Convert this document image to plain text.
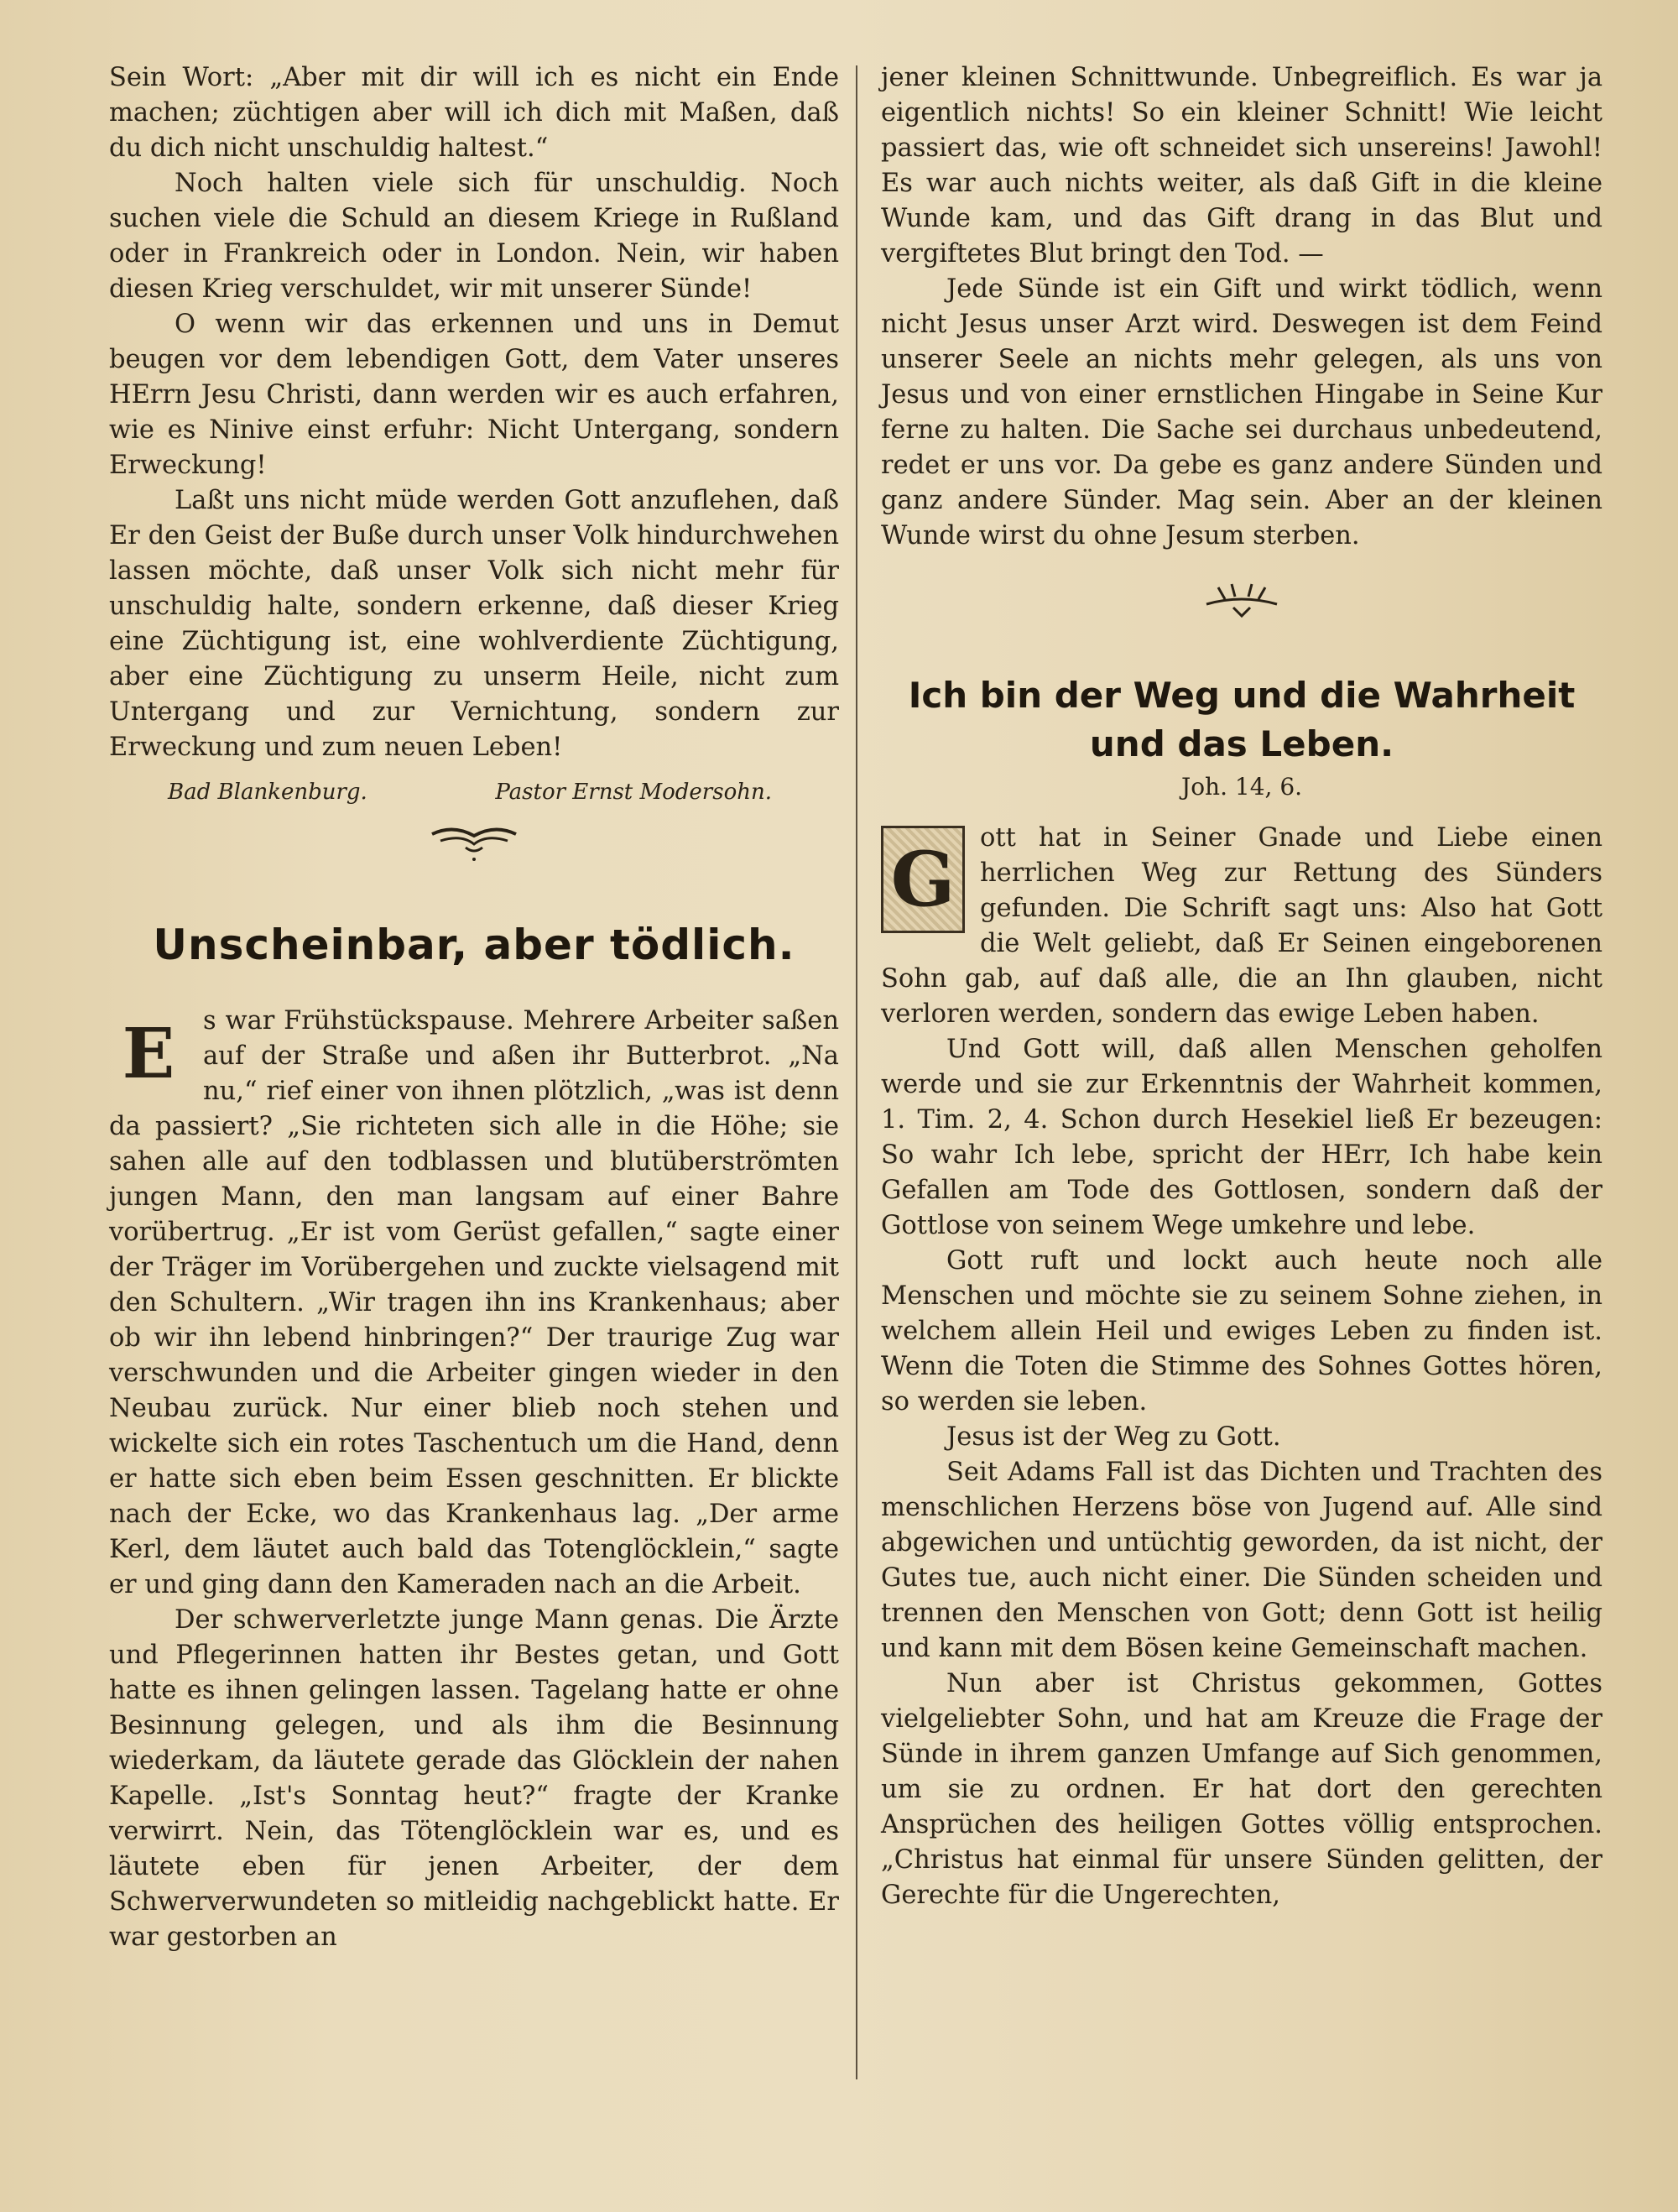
Sein Wort: „Aber mit dir will ich es nicht ein Ende machen; züchtigen aber will ich dich mit Maßen, daß du dich nicht unschuldig haltest.“

Noch halten viele sich für unschuldig. Noch suchen viele die Schuld an diesem Kriege in Rußland oder in Frankreich oder in London. Nein, wir haben diesen Krieg verschuldet, wir mit unserer Sünde!

O wenn wir das erkennen und uns in Demut beugen vor dem lebendigen Gott, dem Vater unseres HErrn Jesu Christi, dann werden wir es auch erfahren, wie es Ninive einst erfuhr: Nicht Untergang, sondern Erweckung!

Laßt uns nicht müde werden Gott anzuflehen, daß Er den Geist der Buße durch unser Volk hindurchwehen lassen möchte, daß unser Volk sich nicht mehr für unschuldig halte, sondern erkenne, daß dieser Krieg eine Züchtigung ist, eine wohlverdiente Züchtigung, aber eine Züchtigung zu unserm Heile, nicht zum Untergang und zur Vernichtung, sondern zur Erweckung und zum neuen Leben!

Bad Blankenburg.	Pastor Ernst Modersohn.
Unscheinbar, aber tödlich.

E	s war Frühstückspause. Mehrere Arbeiter saßen auf der Straße und aßen ihr Butterbrot. „Na nu,“ rief einer von ihnen plötzlich, „was ist denn da passiert? „Sie richteten sich alle in die Höhe; sie sahen alle auf den todblassen und blutüberströmten jungen Mann, den man langsam auf einer Bahre vorübertrug. „Er ist vom Gerüst gefallen,“ sagte einer der Träger im Vorübergehen und zuckte vielsagend mit den Schultern. „Wir tragen ihn ins Krankenhaus; aber ob wir ihn lebend hinbringen?“ Der traurige Zug war verschwunden und die Arbeiter gingen wieder in den Neubau zurück. Nur einer blieb noch stehen und wickelte sich ein rotes Taschentuch um die Hand, denn er hatte sich eben beim Essen geschnitten. Er blickte nach der Ecke, wo das Krankenhaus lag. „Der arme Kerl, dem läutet auch bald das Totenglöcklein,“ sagte er und ging dann den Kameraden nach an die Arbeit.

Der schwerverletzte junge Mann genas. Die Ärzte und Pflegerinnen hatten ihr Bestes getan, und Gott hatte es ihnen gelingen lassen. Tagelang hatte er ohne Besinnung gelegen, und als ihm die Besinnung wiederkam, da läutete gerade das Glöcklein der nahen Kapelle. „Ist's Sonntag heut?“ fragte der Kranke verwirrt. Nein, das Tötenglöcklein war es, und es läutete eben für jenen Arbeiter, der dem Schwerverwundeten so mitleidig nachgeblickt hatte. Er war gestorben an

jener kleinen Schnittwunde. Unbegreiflich. Es war ja eigentlich nichts! So ein kleiner Schnitt! Wie leicht passiert das, wie oft schneidet sich unsereins! Jawohl! Es war auch nichts weiter, als daß Gift in die kleine Wunde kam, und das Gift drang in das Blut und vergiftetes Blut bringt den Tod. —

Jede Sünde ist ein Gift und wirkt tödlich, wenn nicht Jesus unser Arzt wird. Deswegen ist dem Feind unserer Seele an nichts mehr gelegen, als uns von Jesus und von einer ernstlichen Hingabe in Seine Kur ferne zu halten. Die Sache sei durchaus unbedeutend, redet er uns vor. Da gebe es ganz andere Sünden und ganz andere Sünder. Mag sein. Aber an der kleinen Wunde wirst du ohne Jesum sterben.

Ich bin der Weg und die Wahrheit und das Leben.
Joh. 14, 6.

G ott hat in Seiner Gnade und Liebe einen herrlichen Weg zur Rettung des Sünders gefunden. Die Schrift sagt uns: Also hat Gott die Welt geliebt, daß Er Seinen eingeborenen Sohn gab, auf daß alle, die an Ihn glauben, nicht verloren werden, sondern das ewige Leben haben.

Und Gott will, daß allen Menschen geholfen werde und sie zur Erkenntnis der Wahrheit kommen, 1. Tim. 2, 4. Schon durch Hesekiel ließ Er bezeugen: So wahr Ich lebe, spricht der HErr, Ich habe kein Gefallen am Tode des Gottlosen, sondern daß der Gottlose von seinem Wege umkehre und lebe.

Gott ruft und lockt auch heute noch alle Menschen und möchte sie zu seinem Sohne ziehen, in welchem allein Heil und ewiges Leben zu finden ist. Wenn die Toten die Stimme des Sohnes Gottes hören, so werden sie leben.

Jesus ist der Weg zu Gott.

Seit Adams Fall ist das Dichten und Trachten des menschlichen Herzens böse von Jugend auf. Alle sind abgewichen und untüchtig geworden, da ist nicht, der Gutes tue, auch nicht einer. Die Sünden scheiden und trennen den Menschen von Gott; denn Gott ist heilig und kann mit dem Bösen keine Gemeinschaft machen.

Nun aber ist Christus gekommen, Gottes vielgeliebter Sohn, und hat am Kreuze die Frage der Sünde in ihrem ganzen Umfange auf Sich genommen, um sie zu ordnen. Er hat dort den gerechten Ansprüchen des heiligen Gottes völlig entsprochen. „Christus hat einmal für unsere Sünden gelitten, der Gerechte für die Ungerechten,
